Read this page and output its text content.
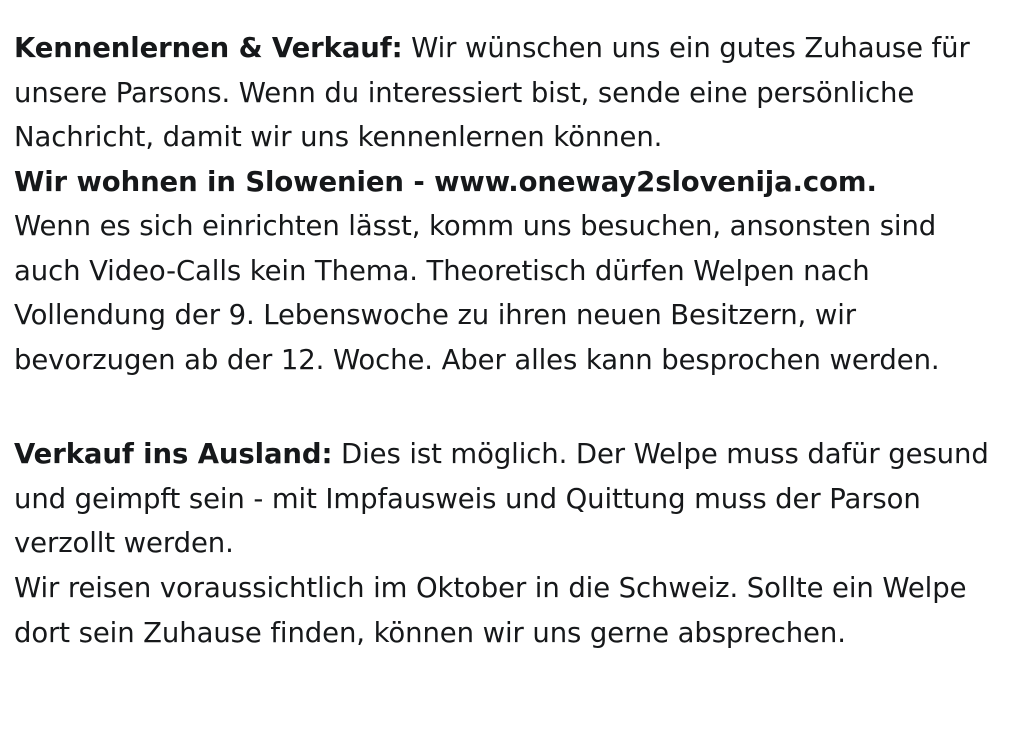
Kennenlernen & Verkauf: Wir wünschen uns ein gutes Zuhause für unsere Parsons. Wenn du interessiert bist, sende eine persönliche Nachricht, damit wir uns kennenlernen können.

Wir wohnen in Slowenien - www.oneway2slovenija.com.
Wenn es sich einrichten lässt, komm uns besuchen, ansonsten sind auch Video-Calls kein Thema. Theoretisch dürfen Welpen nach Vollendung der 9. Lebenswoche zu ihren neuen Besitzern, wir bevorzugen ab der 12. Woche. Aber alles kann besprochen werden.

Verkauf ins Ausland: Dies ist möglich. Der Welpe muss dafür gesund und geimpft sein - mit Impfausweis und Quittung muss der Parson verzollt werden.

Wir reisen voraussichtlich im Oktober in die Schweiz. Sollte ein Welpe dort sein Zuhause finden, können wir uns gerne absprechen.
